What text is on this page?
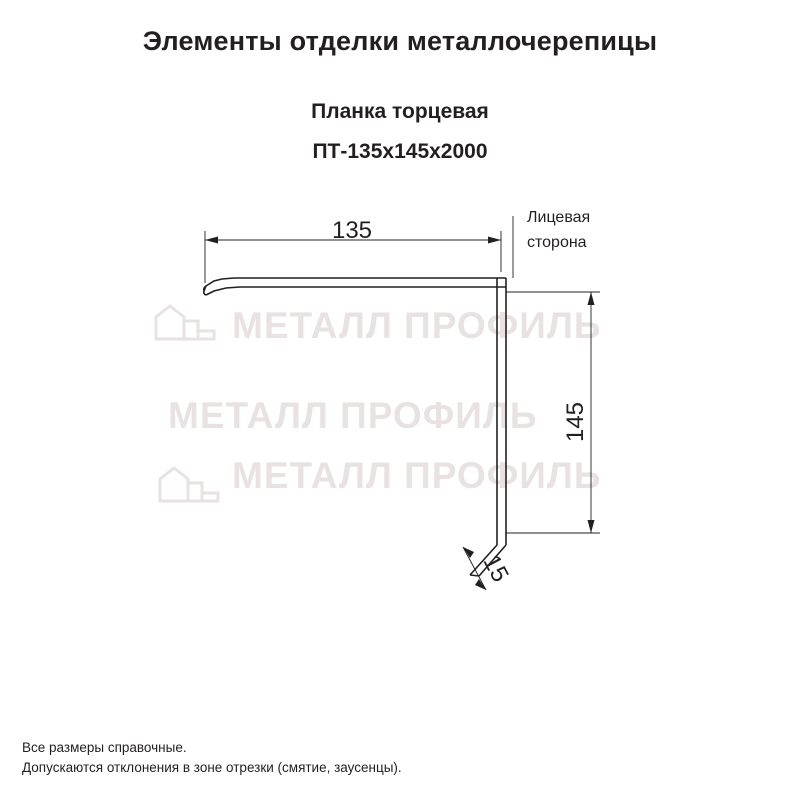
Элементы отделки металлочерепицы
Планка торцевая
ПТ-135x145x2000
МЕТАЛЛ ПРОФИЛЬ
МЕТАЛЛ ПРОФИЛЬ
МЕТАЛЛ ПРОФИЛЬ
135
145
15
Лицевая
сторона
Все размеры справочные.
Допускаются отклонения в зоне отрезки (смятие, заусенцы).
